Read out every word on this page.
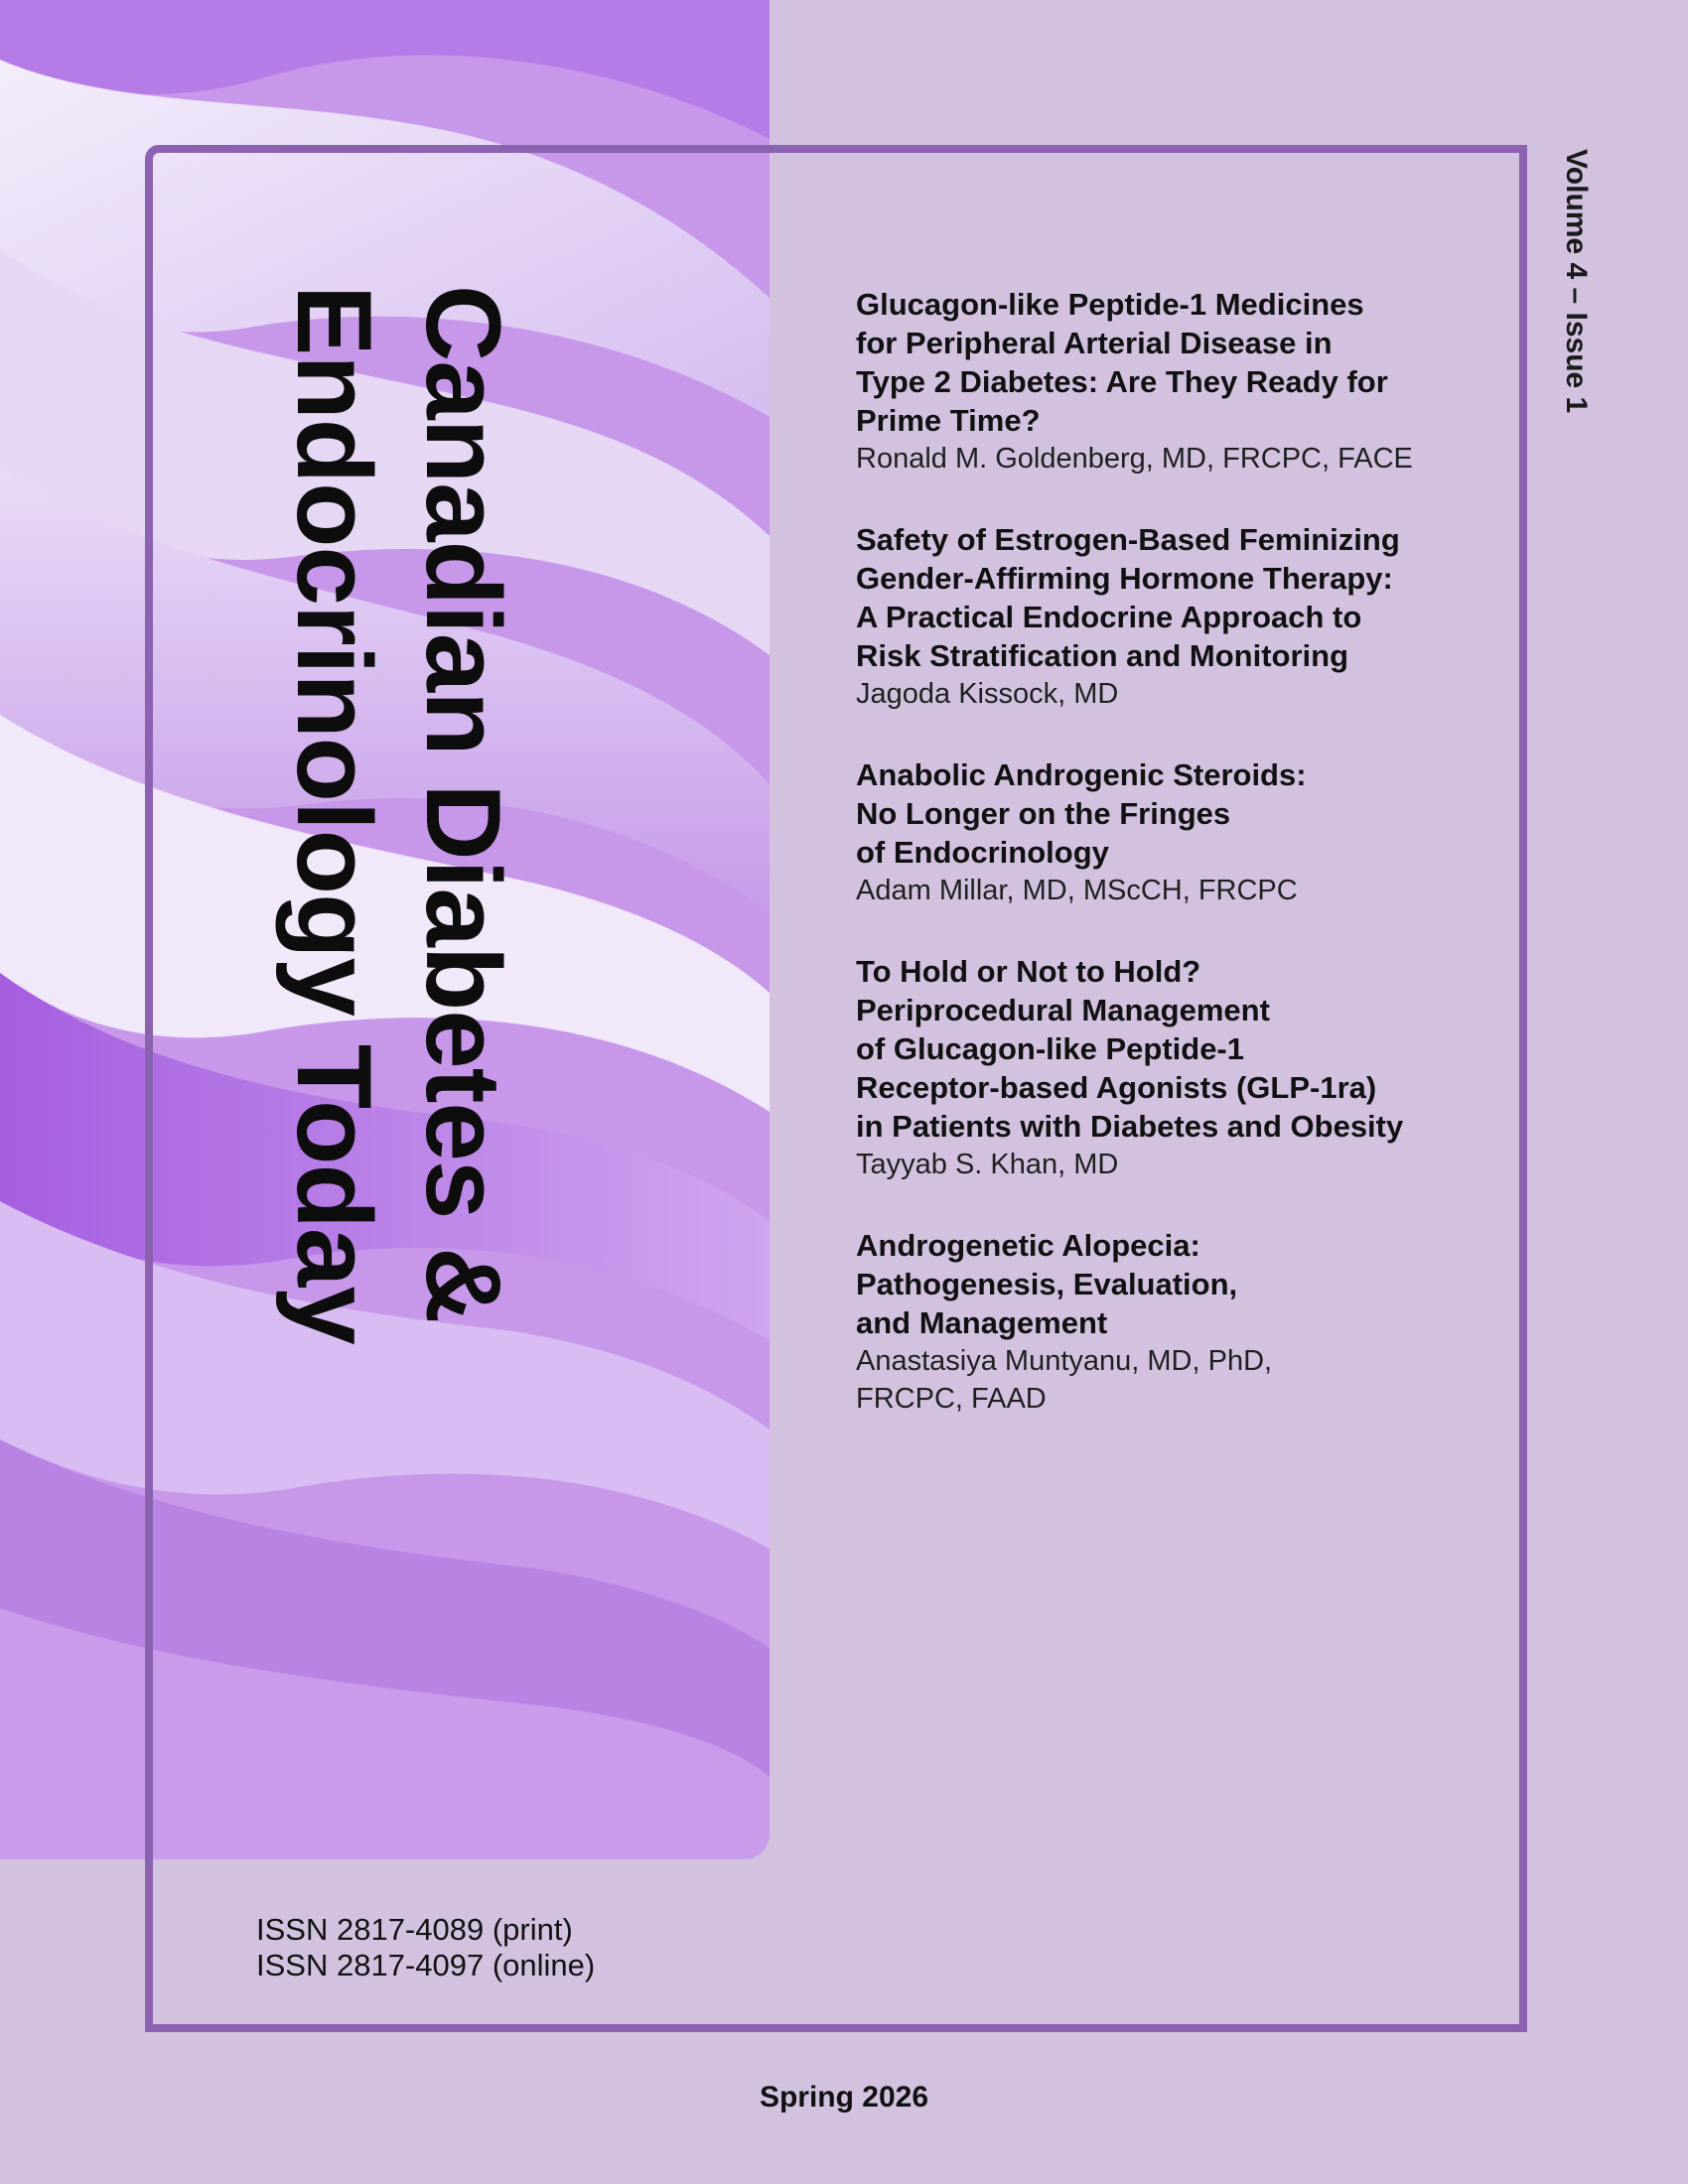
Canadian Diabetes &
Endocrinology Today
Volume 4 – Issue 1
Glucagon-like Peptide-1 Medicines
for Peripheral Arterial Disease in
Type 2 Diabetes: Are They Ready for
Prime Time?
Ronald M. Goldenberg, MD, FRCPC, FACE
Safety of Estrogen-Based Feminizing
Gender-Affirming Hormone Therapy:
A Practical Endocrine Approach to
Risk Stratification and Monitoring
Jagoda Kissock, MD
Anabolic Androgenic Steroids:
No Longer on the Fringes
of Endocrinology
Adam Millar, MD, MScCH, FRCPC
To Hold or Not to Hold?
Periprocedural Management
of Glucagon-like Peptide-1
Receptor-based Agonists (GLP-1ra)
in Patients with Diabetes and Obesity
Tayyab S. Khan, MD
Androgenetic Alopecia:
Pathogenesis, Evaluation,
and Management
Anastasiya Muntyanu, MD, PhD,
FRCPC, FAAD
ISSN 2817-4089 (print)
ISSN 2817-4097 (online)
Spring 2026
